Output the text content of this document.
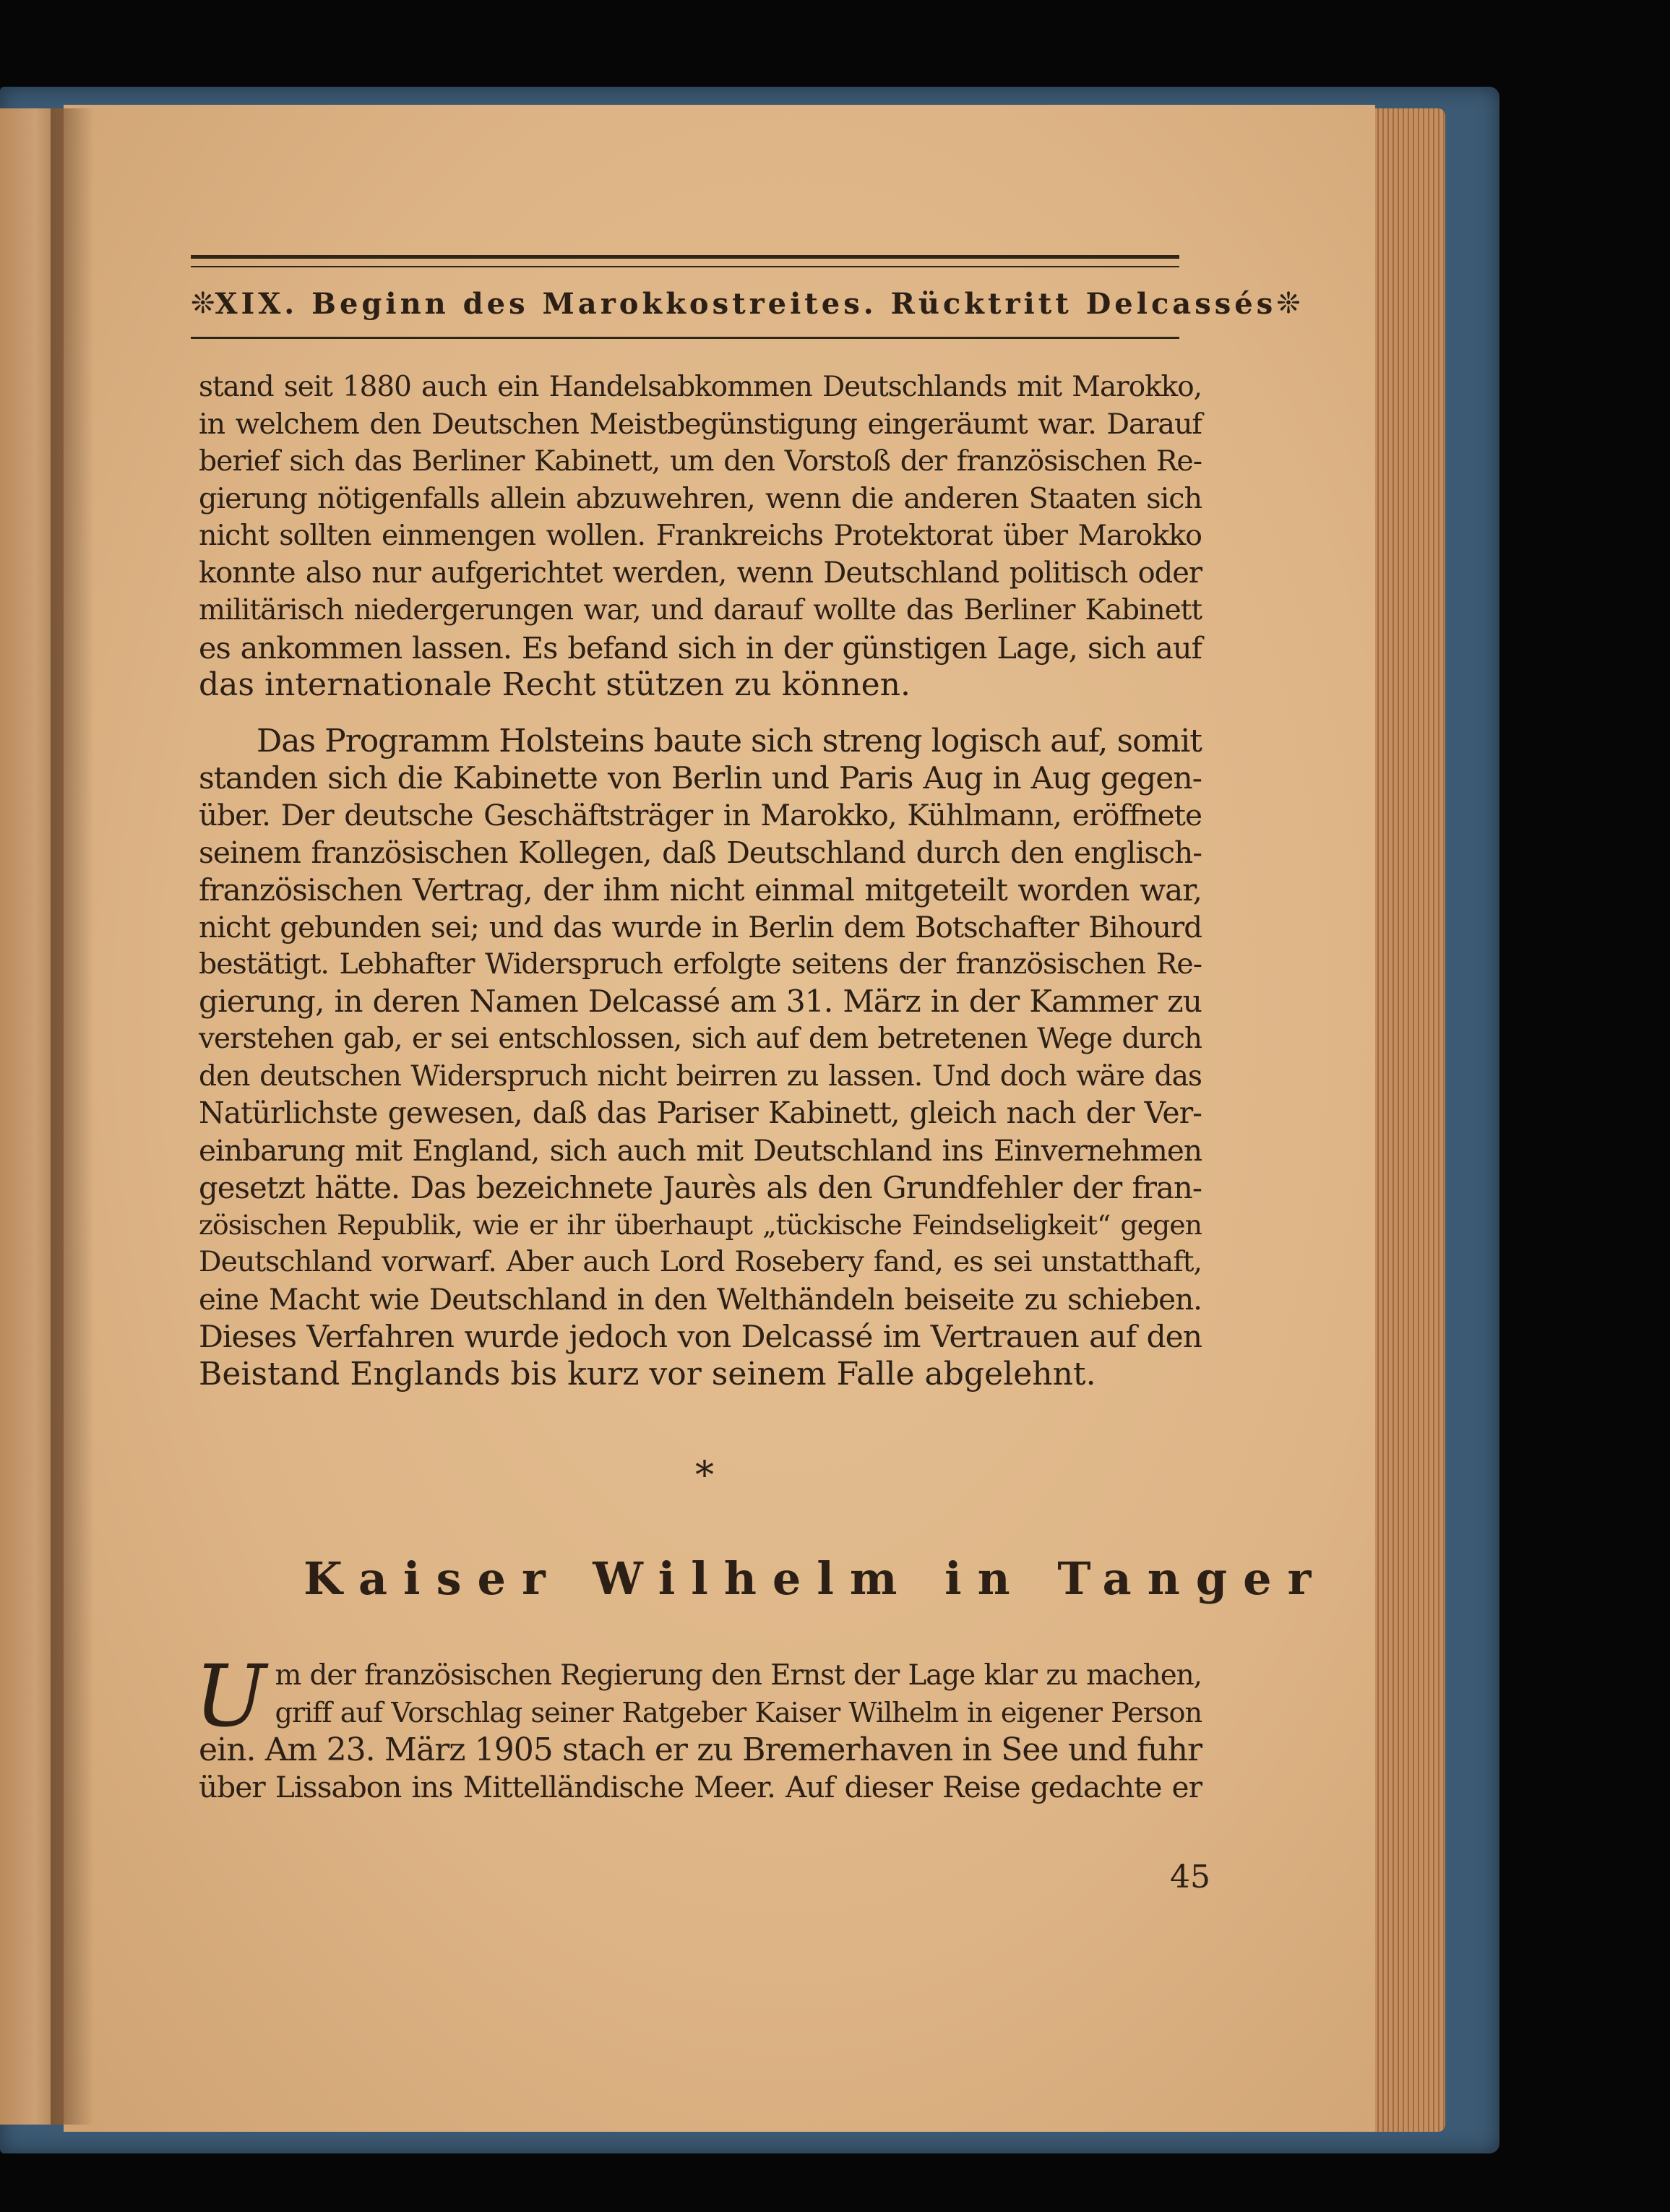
❊ XIX. Beginn des Marokkostreites. Rücktritt Delcassés ❊
stand seit 1880 auch ein Handelsabkommen Deutschlands mit Marokko,
in welchem den Deutschen Meistbegünstigung eingeräumt war. Darauf
berief sich das Berliner Kabinett, um den Vorstoß der französischen Re-
gierung nötigenfalls allein abzuwehren, wenn die anderen Staaten sich
nicht sollten einmengen wollen. Frankreichs Protektorat über Marokko
konnte also nur aufgerichtet werden, wenn Deutschland politisch oder
militärisch niedergerungen war, und darauf wollte das Berliner Kabinett
es ankommen lassen. Es befand sich in der günstigen Lage, sich auf
das internationale Recht stützen zu können.
Das Programm Holsteins baute sich streng logisch auf, somit
standen sich die Kabinette von Berlin und Paris Aug in Aug gegen-
über. Der deutsche Geschäftsträger in Marokko, Kühlmann, eröffnete
seinem französischen Kollegen, daß Deutschland durch den englisch-
französischen Vertrag, der ihm nicht einmal mitgeteilt worden war,
nicht gebunden sei; und das wurde in Berlin dem Botschafter Bihourd
bestätigt. Lebhafter Widerspruch erfolgte seitens der französischen Re-
gierung, in deren Namen Delcassé am 31. März in der Kammer zu
verstehen gab, er sei entschlossen, sich auf dem betretenen Wege durch
den deutschen Widerspruch nicht beirren zu lassen. Und doch wäre das
Natürlichste gewesen, daß das Pariser Kabinett, gleich nach der Ver-
einbarung mit England, sich auch mit Deutschland ins Einvernehmen
gesetzt hätte. Das bezeichnete Jaurès als den Grundfehler der fran-
zösischen Republik, wie er ihr überhaupt „tückische Feindseligkeit“ gegen
Deutschland vorwarf. Aber auch Lord Rosebery fand, es sei unstatthaft,
eine Macht wie Deutschland in den Welthändeln beiseite zu schieben.
Dieses Verfahren wurde jedoch von Delcassé im Vertrauen auf den
Beistand Englands bis kurz vor seinem Falle abgelehnt.
*
Kaiser Wilhelm in Tanger
U m der französischen Regierung den Ernst der Lage klar zu machen,
griff auf Vorschlag seiner Ratgeber Kaiser Wilhelm in eigener Person
ein. Am 23. März 1905 stach er zu Bremerhaven in See und fuhr
über Lissabon ins Mittelländische Meer. Auf dieser Reise gedachte er
45
